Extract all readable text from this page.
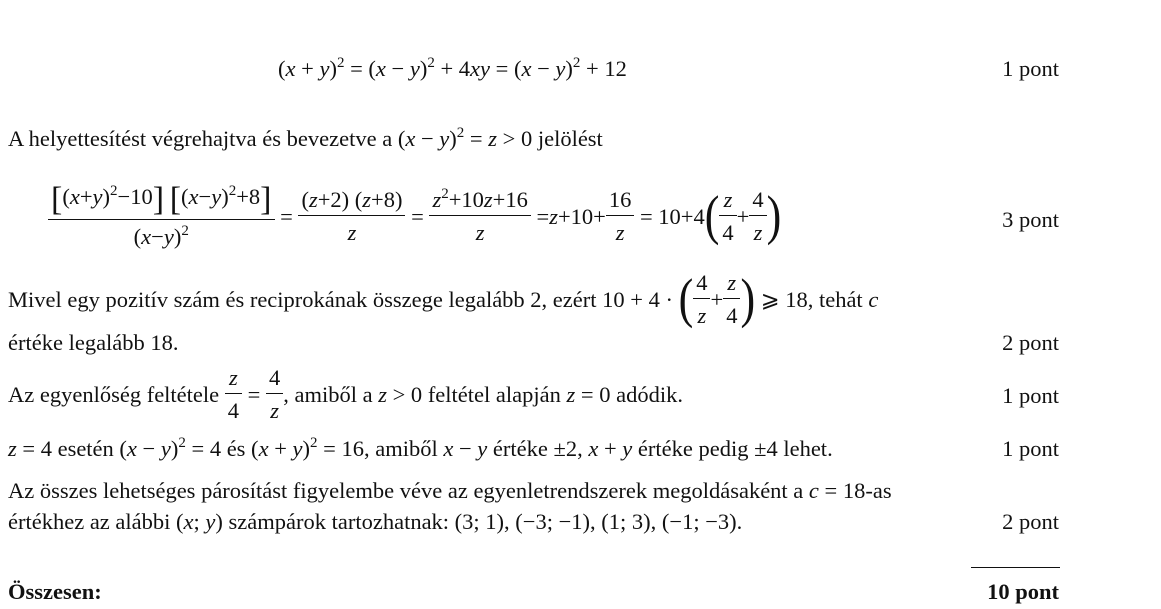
$(x + y)^2 = (x - y)^2 + 4xy = (x - y)^2 + 12$	1 pont
A helyettesítést végrehajtva és bevezetve a $(x - y)^2 = z > 0$ jelölést
$\frac{[(x+y)^2-10] [(x-y)^2+8]}{(x-y)^2} = \frac{(z+2) (z+8)}{z} = \frac{z^2+10z+16}{z} = z +10+ \frac{16}{z} = 10+4$ ( $\frac{z}{4} + \frac{4}{z}$ )	3 pont
Mivel egy pozitív szám és reciprokának összege legalább 2, ezért 10 + 4 · ( $\frac{4}{z} + \frac{z}{4}$ ) ⩾ 18 , tehát
c
értéke legalább 18.	2 pont
Az egyenlőség feltétele
$\frac{z}{4} = \frac{4}{z}$ , amiből a
z > 0 feltétel alapján
z = 0 adódik.	1 pont
z = 4 esetén $(x - y)^2 = 4$ és $(x + y)^2 = 16$, amiből x − y értéke ±2, x + y értéke pedig ±4 lehet.	1 pont
Az összes lehetséges párosítást figyelembe véve az egyenletrendszerek megoldásaként a c = 18-as
értékhez az alábbi (x; y) számpárok tartozhatnak: (3; 1), (−3; −1), (1; 3), (−1; −3).	2 pont
Összesen:	10 pont
